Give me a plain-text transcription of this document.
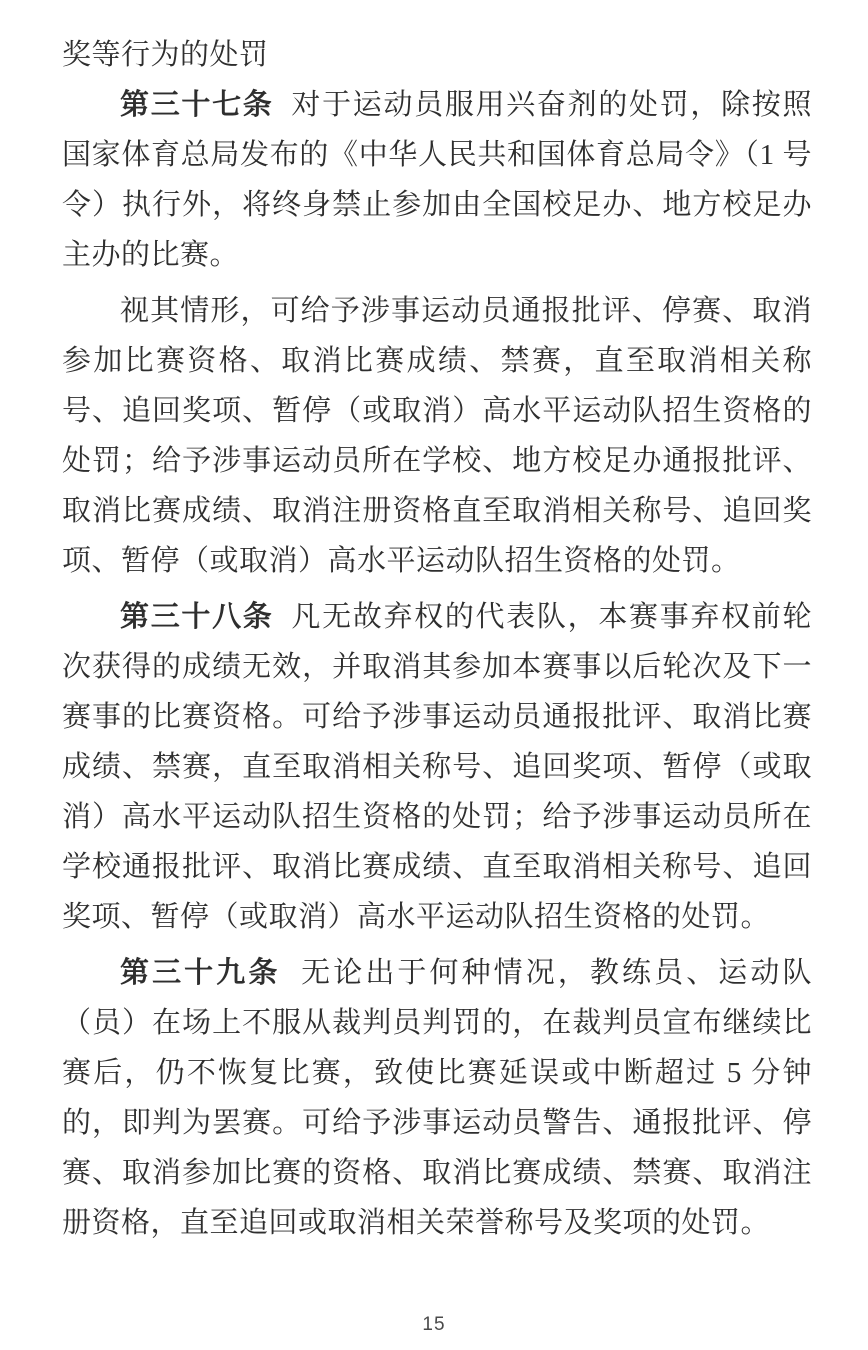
奖等行为的处罚

第三十七条 对于运动员服用兴奋剂的处罚，除按照国家体育总局发布的《中华人民共和国体育总局令》（1 号令）执行外，将终身禁止参加由全国校足办、地方校足办主办的比赛。

视其情形，可给予涉事运动员通报批评、停赛、取消参加比赛资格、取消比赛成绩、禁赛，直至取消相关称号、追回奖项、暂停（或取消）高水平运动队招生资格的处罚；给予涉事运动员所在学校、地方校足办通报批评、取消比赛成绩、取消注册资格直至取消相关称号、追回奖项、暂停（或取消）高水平运动队招生资格的处罚。

第三十八条 凡无故弃权的代表队，本赛事弃权前轮次获得的成绩无效，并取消其参加本赛事以后轮次及下一赛事的比赛资格。可给予涉事运动员通报批评、取消比赛成绩、禁赛，直至取消相关称号、追回奖项、暂停（或取消）高水平运动队招生资格的处罚；给予涉事运动员所在学校通报批评、取消比赛成绩、直至取消相关称号、追回奖项、暂停（或取消）高水平运动队招生资格的处罚。

第三十九条 无论出于何种情况，教练员、运动队（员）在场上不服从裁判员判罚的，在裁判员宣布继续比赛后，仍不恢复比赛，致使比赛延误或中断超过 5 分钟的，即判为罢赛。可给予涉事运动员警告、通报批评、停赛、取消参加比赛的资格、取消比赛成绩、禁赛、取消注册资格，直至追回或取消相关荣誉称号及奖项的处罚。

15
